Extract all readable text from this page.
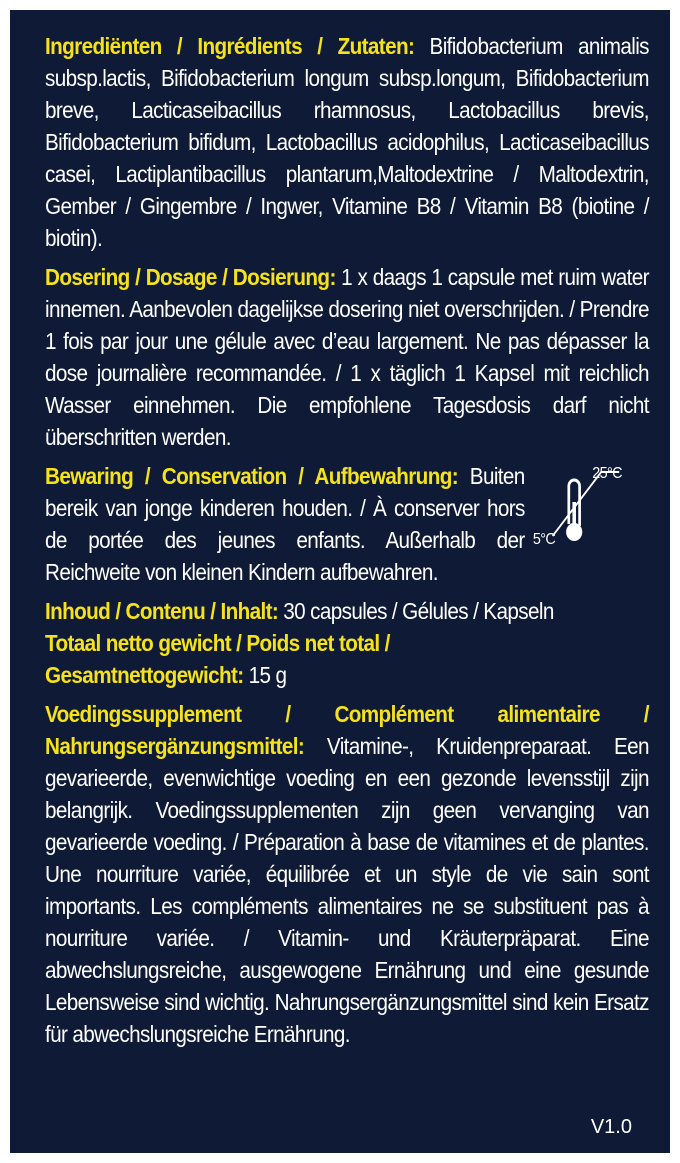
Ingrediënten / Ingrédients / Zutaten: Bifidobacterium animalis subsp.lactis, Bifidobacterium longum subsp.longum, Bifidobacterium breve, Lacticaseibacillus rhamnosus, Lactobacillus brevis, Bifidobacterium bifidum, Lactobacillus acidophilus, Lacticaseibacillus casei, Lactiplantibacillus plantarum,Maltodextrine / Maltodextrin, Gember / Gingembre / Ingwer, Vitamine B8 / Vitamin B8 (biotine / biotin).

Dosering / Dosage / Dosierung: 1 x daags 1 capsule met ruim water innemen. Aanbevolen dagelijkse dosering niet overschrijden. / Prendre 1 fois par jour une gélule avec d’eau largement. Ne pas dépasser la dose journalière recommandée. / 1 x täglich 1 Kapsel mit reichlich Wasser einnehmen. Die empfohlene Tagesdosis darf nicht überschritten werden.

Bewaring / Conservation / Aufbewahrung: Buiten bereik van jonge kinderen houden. / À conserver hors de portée des jeunes enfants. Außerhalb der Reichweite von kleinen Kindern aufbewahren.
25°C
5°C
Inhoud / Contenu / Inhalt: 30 capsules / Gélules / Kapseln
Totaal netto gewicht / Poids net total /
Gesamtnettogewicht: 15 g

Voedingssupplement / Complément alimentaire / Nahrungsergänzungsmittel: Vitamine-, Kruidenpreparaat. Een gevarieerde, evenwichtige voeding en een gezonde levensstijl zijn belangrijk. Voedingssupplementen zijn geen vervanging van gevarieerde voeding. / Préparation à base de vitamines et de plantes. Une nourriture variée, équilibrée et un style de vie sain sont importants. Les compléments alimentaires ne se substituent pas à nourriture variée. / Vitamin- und Kräuterpräparat. Eine abwechslungsreiche, ausgewogene Ernährung und eine gesunde Lebensweise sind wichtig. Nahrungsergänzungsmittel sind kein Ersatz für abwechslungsreiche Ernährung.

V1.0
